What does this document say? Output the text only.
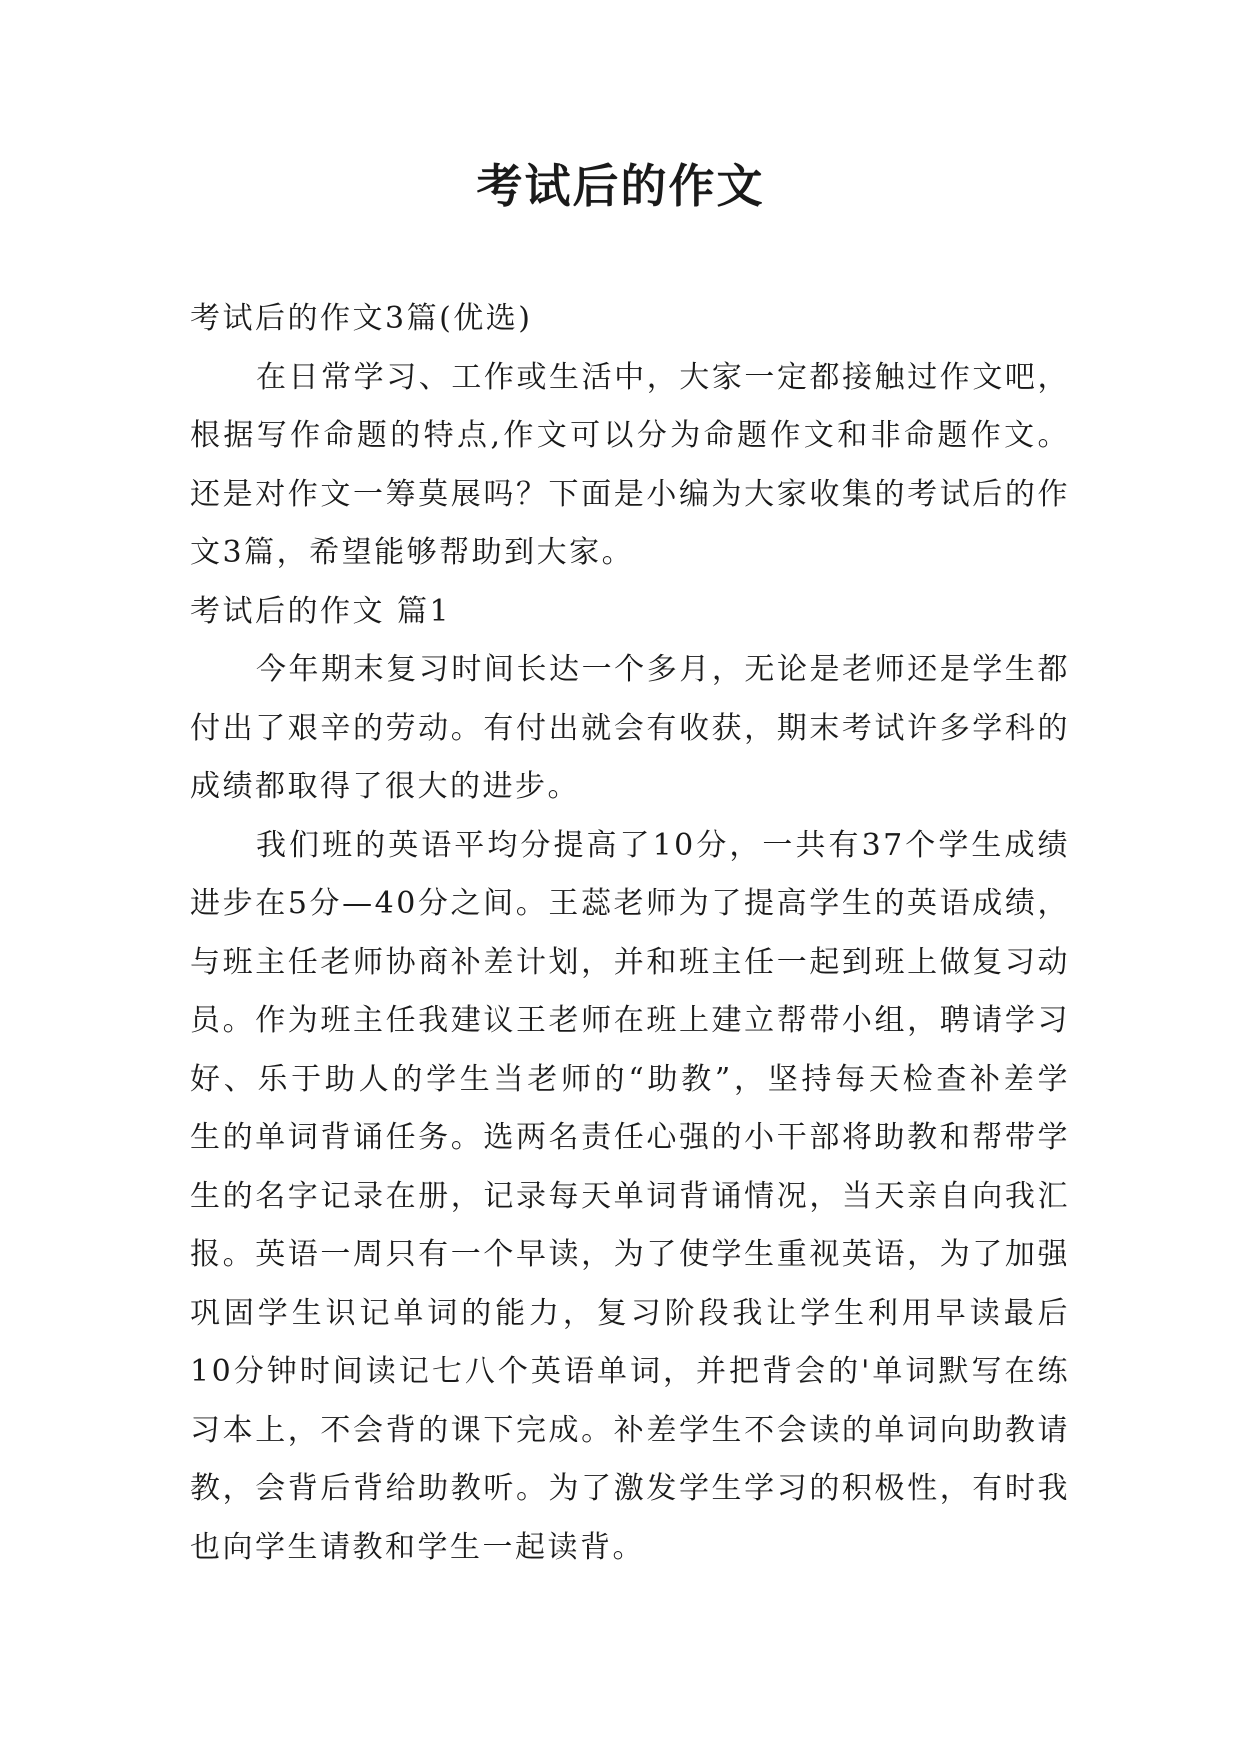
考试后的作文

考试后的作文3篇(优选)

在日常学习、工作或生活中，大家一定都接触过作文吧，根据写作命题的特点,作文可以分为命题作文和非命题作文。还是对作文一筹莫展吗？下面是小编为大家收集的考试后的作文3篇，希望能够帮助到大家。

考试后的作文 篇1

今年期末复习时间长达一个多月，无论是老师还是学生都付出了艰辛的劳动。有付出就会有收获，期末考试许多学科的成绩都取得了很大的进步。

我们班的英语平均分提高了10分，一共有37个学生成绩进步在5分—40分之间。王蕊老师为了提高学生的英语成绩，与班主任老师协商补差计划，并和班主任一起到班上做复习动员。作为班主任我建议王老师在班上建立帮带小组，聘请学习好、乐于助人的学生当老师的“助教”，坚持每天检查补差学生的单词背诵任务。选两名责任心强的小干部将助教和帮带学生的名字记录在册，记录每天单词背诵情况，当天亲自向我汇报。英语一周只有一个早读，为了使学生重视英语，为了加强巩固学生识记单词的能力，复习阶段我让学生利用早读最后10分钟时间读记七八个英语单词，并把背会的'单词默写在练习本上，不会背的课下完成。补差学生不会读的单词向助教请教，会背后背给助教听。为了激发学生学习的积极性，有时我也向学生请教和学生一起读背。
